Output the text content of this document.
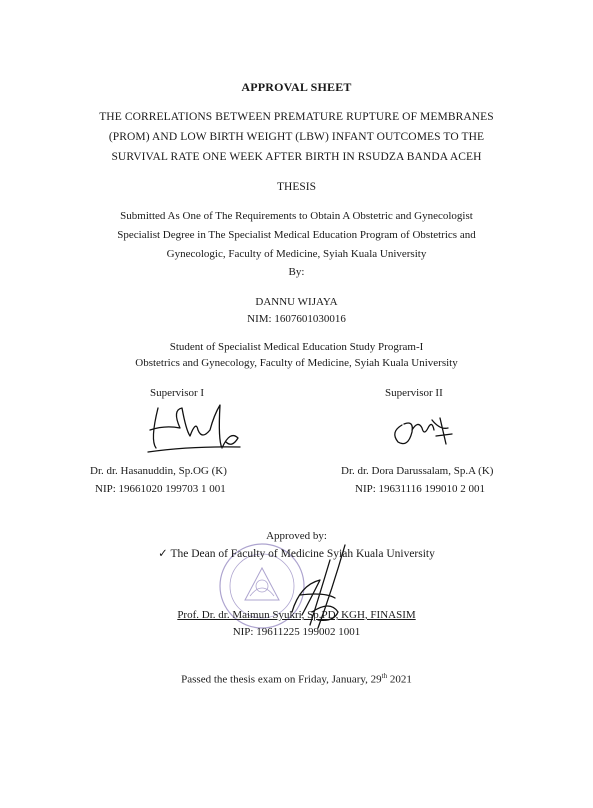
APPROVAL SHEET
THE CORRELATIONS BETWEEN PREMATURE RUPTURE OF MEMBRANES
(PROM) AND LOW BIRTH WEIGHT (LBW) INFANT OUTCOMES TO THE
SURVIVAL RATE ONE WEEK AFTER BIRTH IN RSUDZA BANDA ACEH
THESIS
Submitted As One of The Requirements to Obtain A Obstetric and Gynecologist
Specialist Degree in The Specialist Medical Education Program of Obstetrics and
Gynecologic, Faculty of Medicine, Syiah Kuala University
By:
DANNU WIJAYA
NIM: 1607601030016
Student of Specialist Medical Education Study Program-I
Obstetrics and Gynecology, Faculty of Medicine, Syiah Kuala University
Supervisor I	Supervisor II
Dr. dr. Hasanuddin, Sp.OG (K)
NIP: 19661020 199703 1 001
Dr. dr. Dora Darussalam, Sp.A (K)
NIP: 19631116 199010 2 001
Approved by:
✓ The Dean of Faculty of Medicine Syiah Kuala University
Prof. Dr. dr. Maimun Syukri, Sp.PD, KGH, FINASIM
NIP: 19611225 199002 1001
Passed the thesis exam on Friday, January, 29th 2021
